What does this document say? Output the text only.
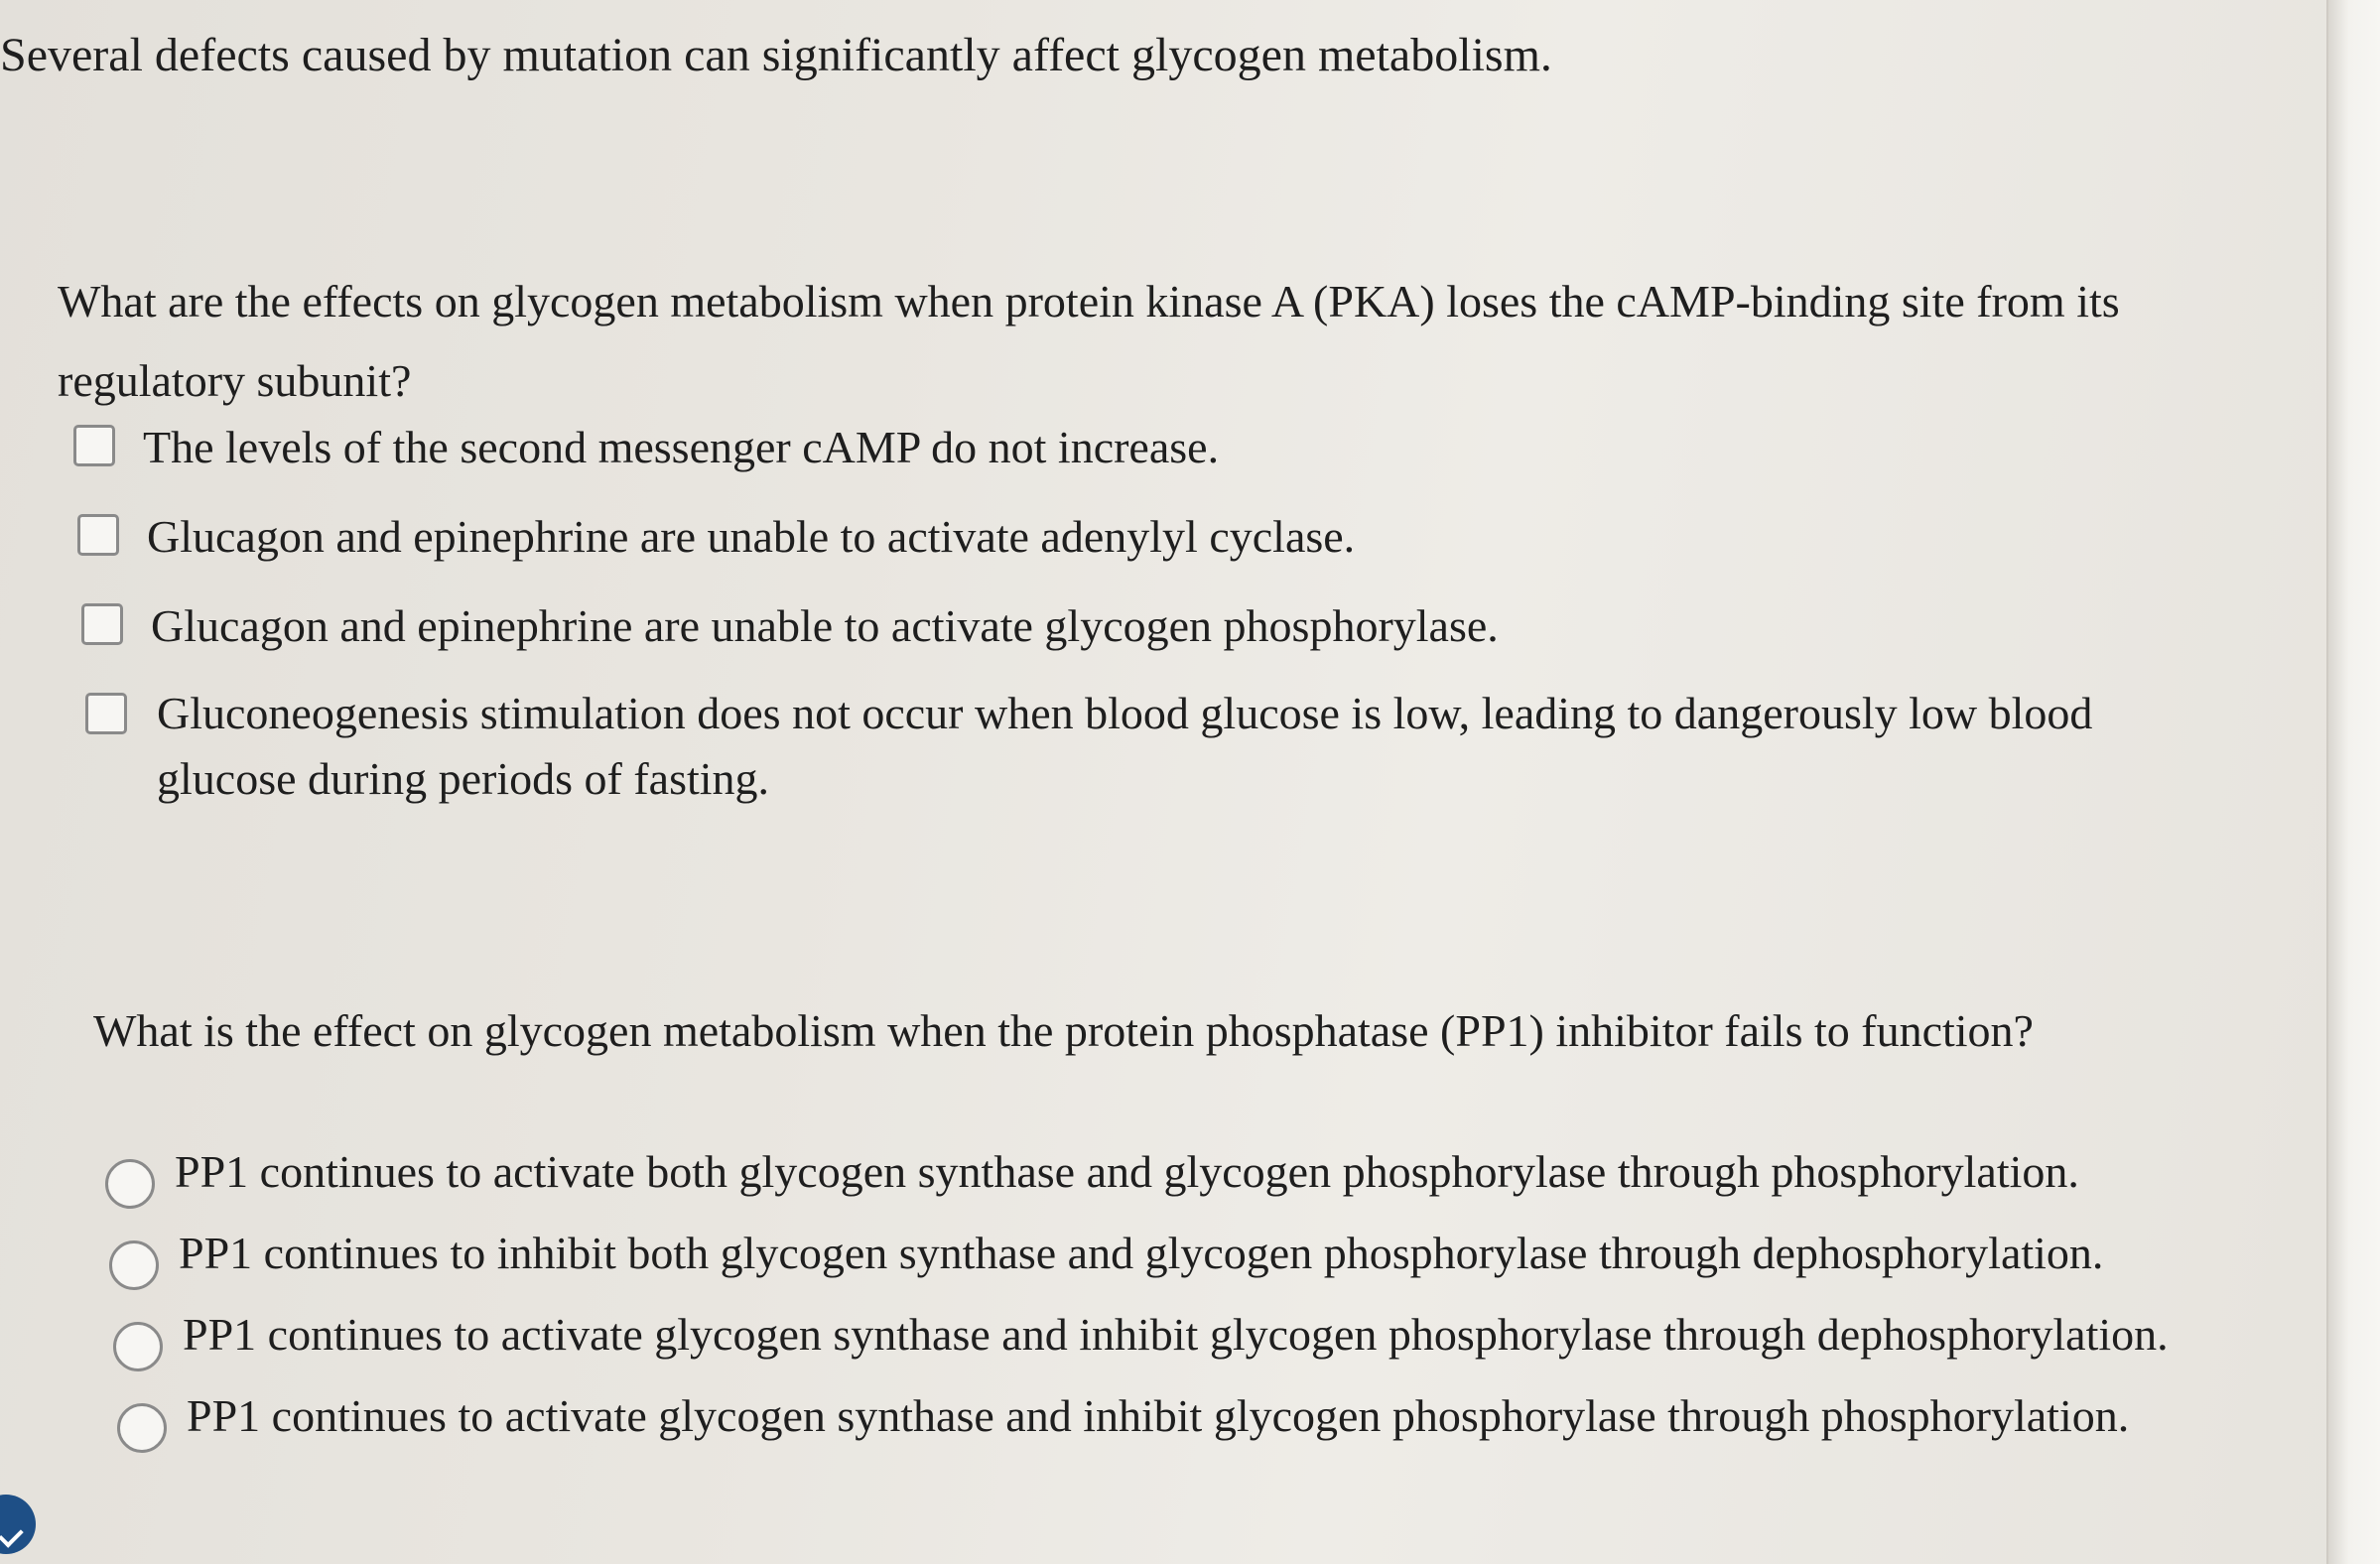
Several defects caused by mutation can significantly affect glycogen metabolism.
What are the effects on glycogen metabolism when protein kinase A (PKA) loses the cAMP-binding site from its regulatory subunit?
The levels of the second messenger cAMP do not increase.
Glucagon and epinephrine are unable to activate adenylyl cyclase.
Glucagon and epinephrine are unable to activate glycogen phosphorylase.
Gluconeogenesis stimulation does not occur when blood glucose is low, leading to dangerously low blood glucose during periods of fasting.
What is the effect on glycogen metabolism when the protein phosphatase (PP1) inhibitor fails to function?
PP1 continues to activate both glycogen synthase and glycogen phosphorylase through phosphorylation.
PP1 continues to inhibit both glycogen synthase and glycogen phosphorylase through dephosphorylation.
PP1 continues to activate glycogen synthase and inhibit glycogen phosphorylase through dephosphorylation.
PP1 continues to activate glycogen synthase and inhibit glycogen phosphorylase through phosphorylation.
